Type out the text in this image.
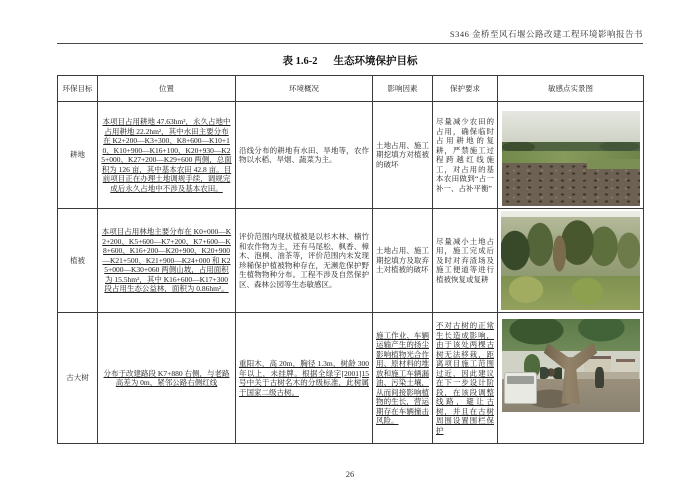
S346 金桥至风石堰公路改建工程环境影响报告书
表 1.6-2 生态环境保护目标
环保目标	位置	环境概况	影响因素	保护要求	敏感点实景图
耕地	本项目占用耕地 47.63hm²，永久占地中占用耕地 22.2hm²，其中水田主要分布在 K2+200—K3+300、K8+600—K10+10、K10+900—K16+100、K20+930—K25+000、K27+200—K29+600 两侧，总面积为 126 亩，其中基本农田 42.8 亩。目前项目正在办理土地调规手续，调规完成后永久占地中不涉及基本农田。	沿线分布的耕地有水田、旱地等，农作物以水稻、旱烟、蔬菜为主。	土地占用、施工期挖填方对植被的破坏	尽量减少农田的占用，确保临时占用耕地的复耕，严禁施工过程跨越红线施工，对占用的基本农田做到“占一补一、占补平衡”	

植被	本项目占用林地主要分布在 K0+000—K2+200、K5+600—K7+200、K7+600—K8+600、K16+200—K20+900、K20+900—K21+500、K21+900—K24+000 和 K25+000—K30+060 两侧山坡，占用面积为 15.5hm²，其中 K16+600—K17+300 段占用生态公益林，面积为 0.86hm²。	评价范围内现状植被是以杉木林、楠竹和农作物为主，还有马尾松、枫香、樟木、泡桐、油茶等，评价范围内未发现珍稀保护植被物种存在，无濒危保护野生植物物种分布。工程不涉及自然保护区、森林公园等生态敏感区。	土地占用、施工期挖填方及取弃土对植被的破坏	尽量减小土地占用，施工完成后及时对弃渣场及施工便道等进行植被恢复或复耕	

古大树	分布于改建路段 K7+880 右侧，与老路高差为 0m，紧邻公路右侧红线	重阳木，高 20m，胸径 1.3m，树龄 300 年以上，未挂牌。根据全绿字[2001]15 号中关于古树名木的分级标准，此树属于国家二级古树。	施工作业、车辆运输产生的扬尘影响植物光合作用、原材料的堆放和施工车辆漏油、污染土壤，从而间接影响植物的生长，营运期存在车辆撞击风险。	不对古树的正常生长造成影响，由于该处两棵古树无法移栽，距离项目施工范围过近，因此建议在下一步设计阶段，在该段调整线路，避让古树，并且在古树周围设置围栏保护	
26
